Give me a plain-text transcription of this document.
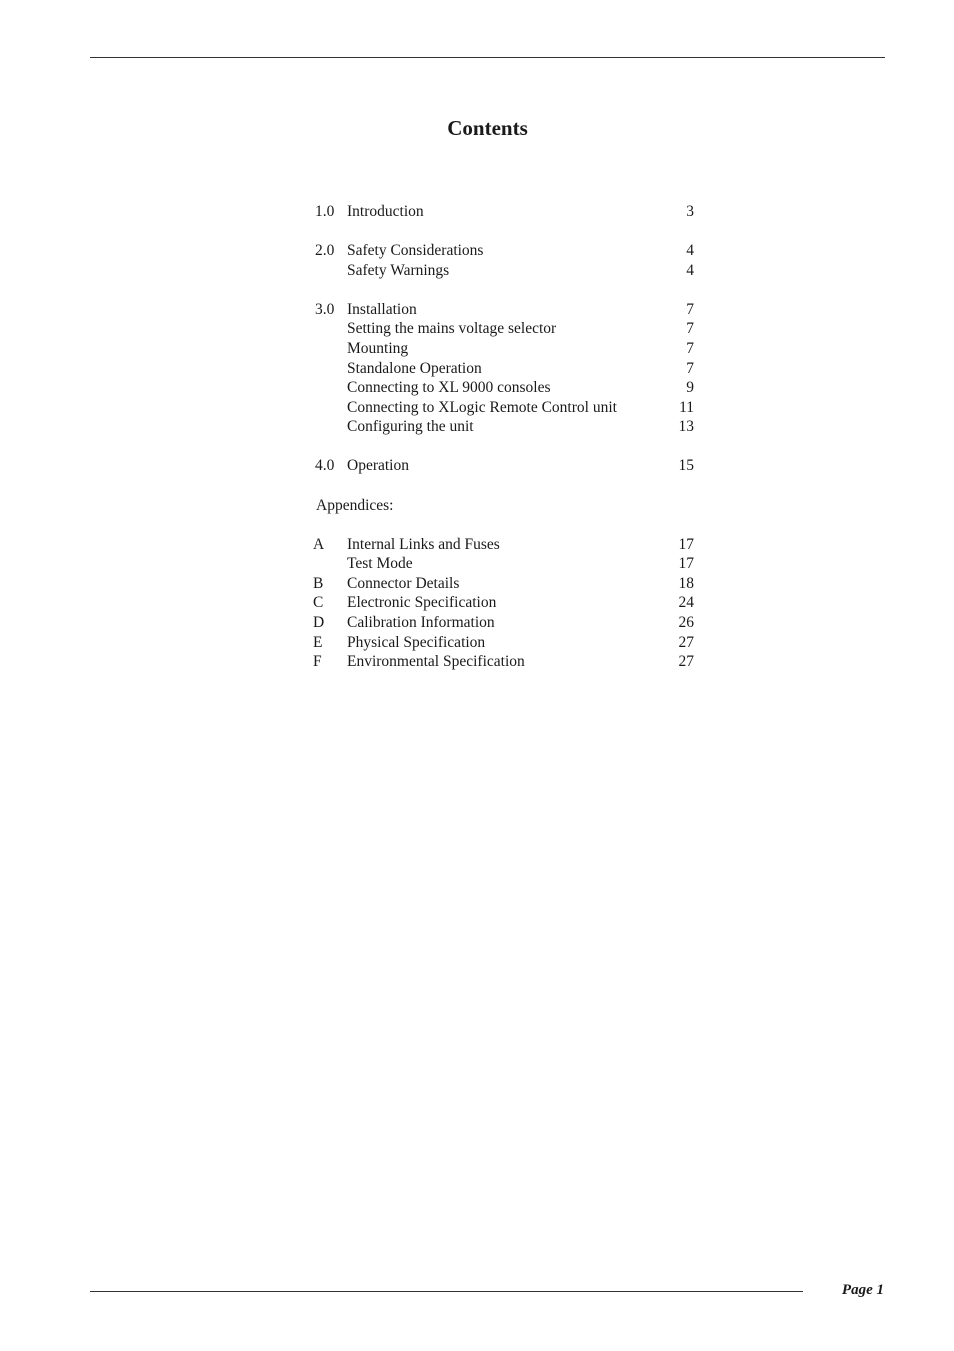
Contents
1.0 Introduction	3
2.0 Safety Considerations	4
Safety Warnings	4
3.0 Installation	7
Setting the mains voltage selector	7
Mounting	7
Standalone Operation	7
Connecting to XL 9000 consoles	9
Connecting to XLogic Remote Control unit	11
Configuring the unit	13
4.0 Operation	15
Appendices:
A Internal Links and Fuses	17
Test Mode	17
B Connector Details	18
C Electronic Specification	24
D Calibration Information	26
E Physical Specification	27
F Environmental Specification	27
Page 1
